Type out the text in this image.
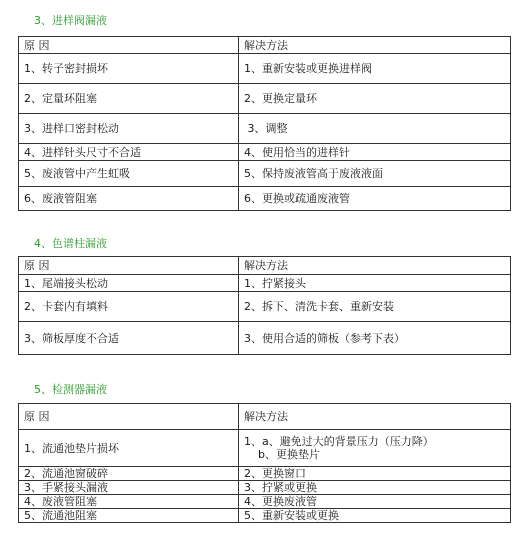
3、进样阀漏液
原 因	解决方法
1、转子密封损坏	1、重新安装或更换进样阀
2、定量环阻塞	2、更换定量环
3、进样口密封松动	3、调整
4、进样针头尺寸不合适	4、使用恰当的进样针
5、废液管中产生虹吸	5、保持废液管高于废液液面
6、废液管阻塞	6、更换或疏通废液管
4、色谱柱漏液
原 因	解决方法
1、尾端接头松动	1、拧紧接头
2、卡套内有填料	2、拆下、清洗卡套、重新安装
3、筛板厚度不合适	3、使用合适的筛板（参考下表）
5、检测器漏液
原 因	解决方法
1、流通池垫片损坏	1、a、避免过大的背景压力（压力降）
b、更换垫片

2、流通池窗破碎	2、更换窗口
3、手紧接头漏液	3、拧紧或更换
4、废液管阻塞	4、更换废液管
5、流通池阻塞	5、重新安装或更换
